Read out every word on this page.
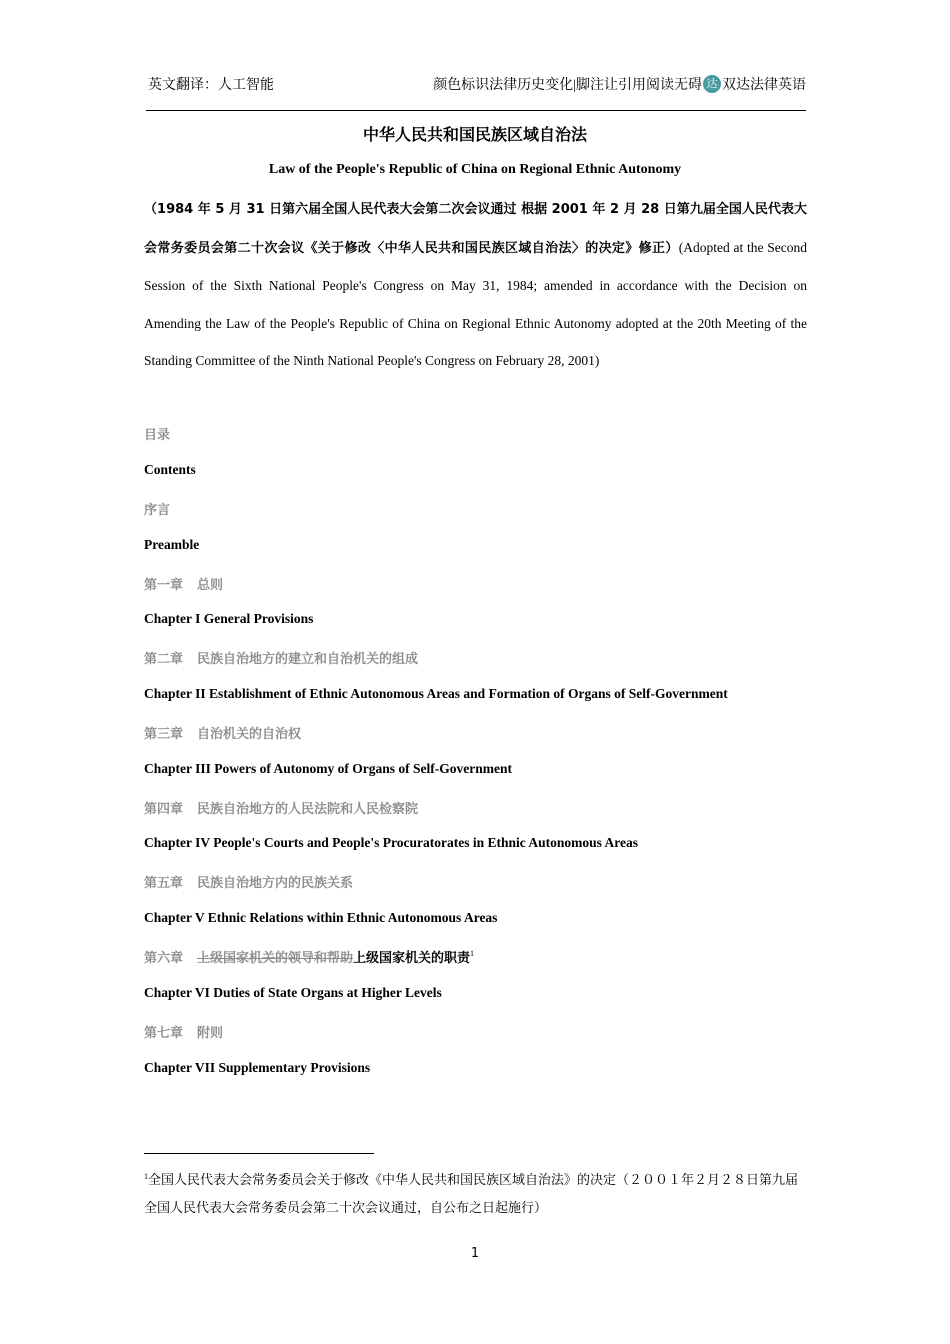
英文翻译：人工智能	颜色标识法律历史变化|脚注让引用阅读无碍 达 双达法律英语
中华人民共和国民族区域自治法
Law of the People's Republic of China on Regional Ethnic Autonomy
（1984 年 5 月 31 日第六届全国人民代表大会第二次会议通过 根据 2001 年 2 月 28 日第九届全国人民代表大会常务委员会第二十次会议《关于修改〈中华人民共和国民族区域自治法〉的决定》修正）(Adopted at the Second Session of the Sixth National People's Congress on May 31, 1984; amended in accordance with the Decision on Amending the Law of the People's Republic of China on Regional Ethnic Autonomy adopted at the 20th Meeting of the Standing Committee of the Ninth National People's Congress on February 28, 2001)
目录
Contents
序言
Preamble
第一章 总则
Chapter I General Provisions
第二章 民族自治地方的建立和自治机关的组成
Chapter II Establishment of Ethnic Autonomous Areas and Formation of Organs of Self-Government
第三章 自治机关的自治权
Chapter III Powers of Autonomy of Organs of Self-Government
第四章 民族自治地方的人民法院和人民检察院
Chapter IV People's Courts and People's Procuratorates in Ethnic Autonomous Areas
第五章 民族自治地方内的民族关系
Chapter V Ethnic Relations within Ethnic Autonomous Areas
第六章 上级国家机关的领导和帮助上级国家机关的职责$^1$
Chapter VI Duties of State Organs at Higher Levels
第七章 附则
Chapter VII Supplementary Provisions
$^1$全国人民代表大会常务委员会关于修改《中华人民共和国民族区域自治法》的决定（２００１年２月２８日第九届全国人民代表大会常务委员会第二十次会议通过，自公布之日起施行）
1
